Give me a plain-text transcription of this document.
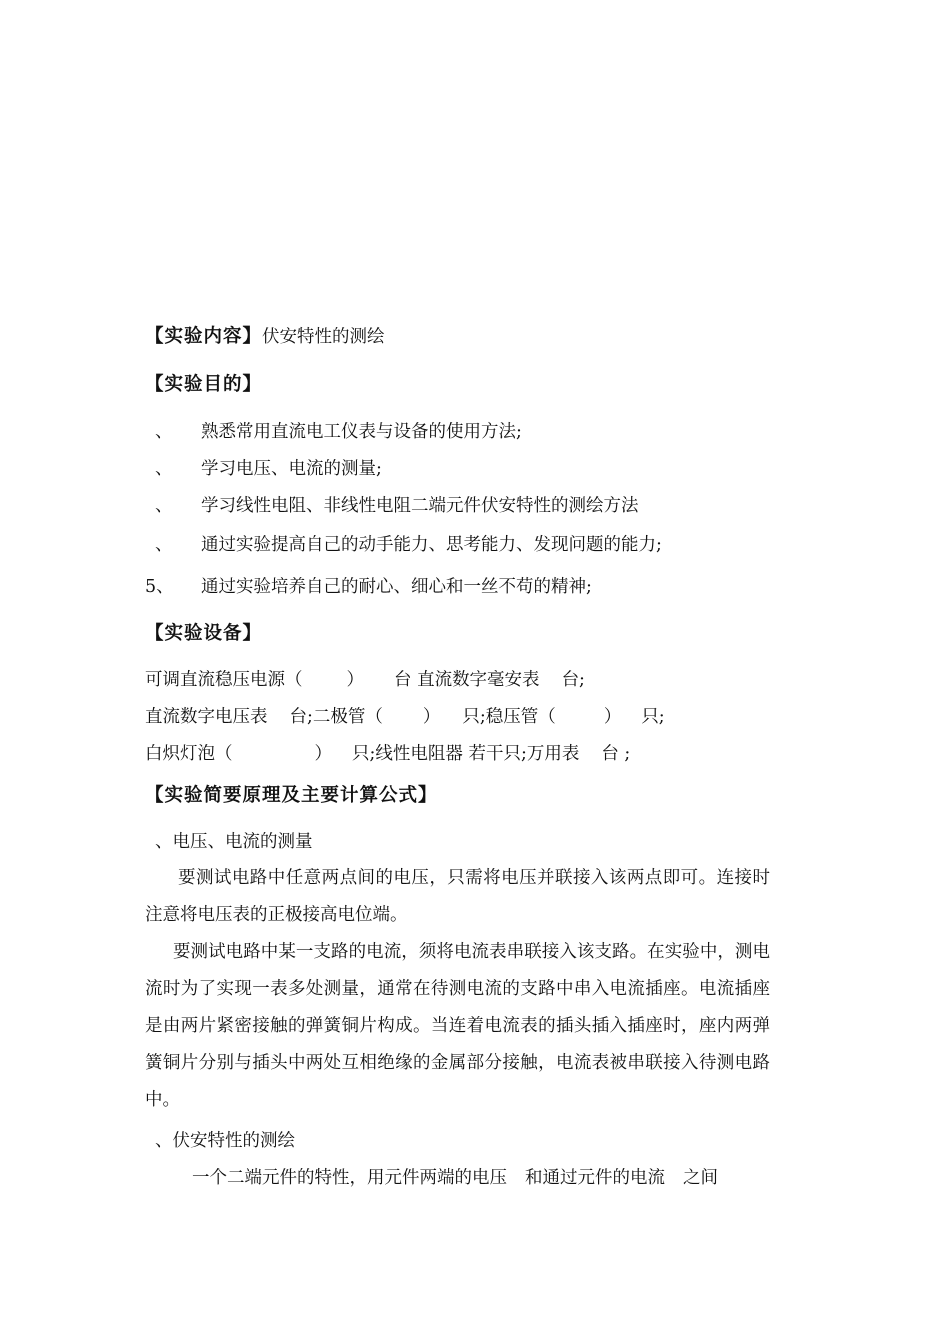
【实验内容】伏安特性的测绘
【实验目的】
、 熟悉常用直流电工仪表与设备的使用方法;
、 学习电压、电流的测量;
、 学习线性电阻、非线性电阻二端元件伏安特性的测绘方法
、 通过实验提高自己的动手能力、思考能力、发现问题的能力;
5、 通过实验培养自己的耐心、细心和一丝不苟的精神;
【实验设备】
可调直流稳压电源（	） 台 直流数字毫安表 台;
直流数字电压表 台;二极管（ ） 只;稳压管（	） 只;
白炽灯泡（	） 只;线性电阻器 若干只;万用表 台 ;
【实验简要原理及主要计算公式】
、电压、电流的测量
要测试电路中任意两点间的电压，只需将电压并联接入该两点即可。连接时注意将电压表的正极接高电位端。
要测试电路中某一支路的电流，须将电流表串联接入该支路。在实验中，测电流时为了实现一表多处测量，通常在待测电流的支路中串入电流插座。电流插座是由两片紧密接触的弹簧铜片构成。当连着电流表的插头插入插座时，座内两弹簧铜片分别与插头中两处互相绝缘的金属部分接触，电流表被串联接入待测电路中。
、伏安特性的测绘
一个二端元件的特性，用元件两端的电压 和通过元件的电流 之间
